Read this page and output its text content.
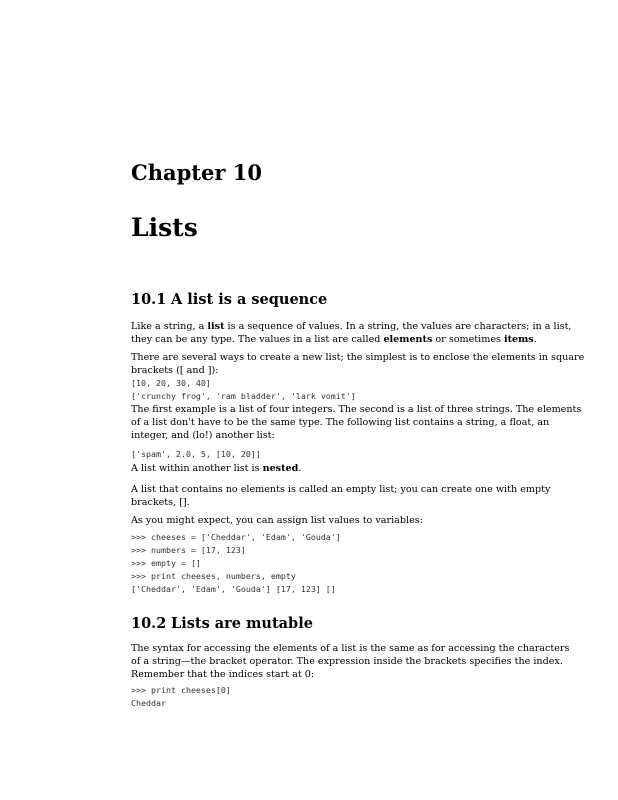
Chapter 10
Lists
10.1 A list is a sequence
Like a string, a list is a sequence of values. In a string, the values are characters; in a list,
they can be any type. The values in a list are called elements or sometimes items.
There are several ways to create a new list; the simplest is to enclose the elements in square
brackets ([ and ]):
[10, 20, 30, 40]
['crunchy frog', 'ram bladder', 'lark vomit']
The first example is a list of four integers. The second is a list of three strings. The elements
of a list don't have to be the same type. The following list contains a string, a float, an
integer, and (lo!) another list:
['spam', 2.0, 5, [10, 20]]
A list within another list is nested.
A list that contains no elements is called an empty list; you can create one with empty
brackets, [].
As you might expect, you can assign list values to variables:
>>> cheeses = ['Cheddar', 'Edam', 'Gouda']
>>> numbers = [17, 123]
>>> empty = []
>>> print cheeses, numbers, empty
['Cheddar', 'Edam', 'Gouda'] [17, 123] []
10.2 Lists are mutable
The syntax for accessing the elements of a list is the same as for accessing the characters
of a string—the bracket operator. The expression inside the brackets specifies the index.
Remember that the indices start at 0:
>>> print cheeses[0]
Cheddar
